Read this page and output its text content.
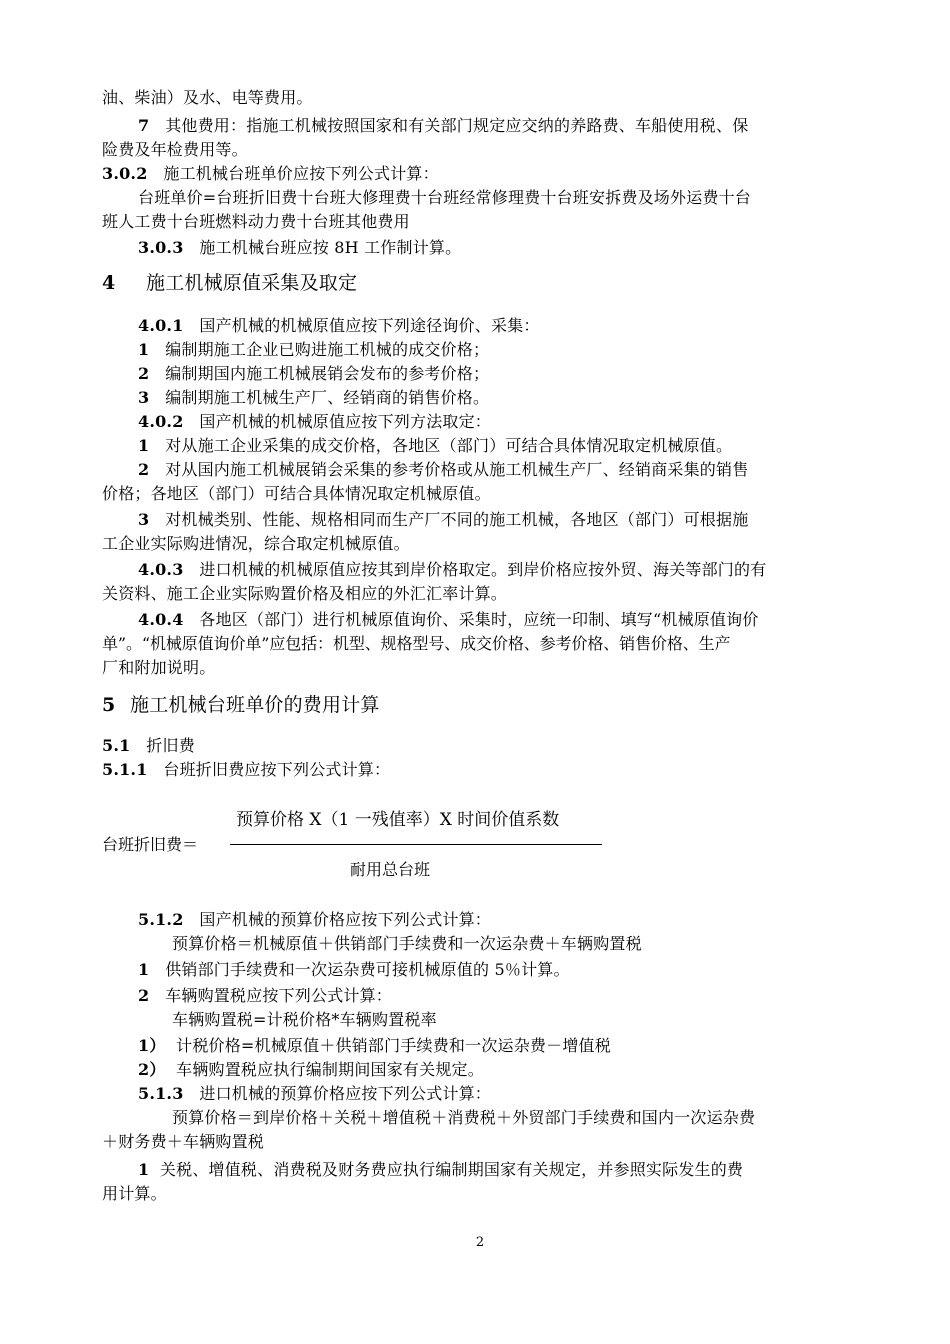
油、柴油）及水、电等费用。
7 其他费用：指施工机械按照国家和有关部门规定应交纳的养路费、车船使用税、保
险费及年检费用等。
3.0.2 施工机械台班单价应按下列公式计算：
台班单价=台班折旧费十台班大修理费十台班经常修理费十台班安拆费及场外运费十台
班人工费十台班燃料动力费十台班其他费用
3.0.3 施工机械台班应按 8H 工作制计算。
4 施工机械原值采集及取定
4.0.1 国产机械的机械原值应按下列途径询价、采集：
1 编制期施工企业已购进施工机械的成交价格；
2 编制期国内施工机械展销会发布的参考价格；
3 编制期施工机械生产厂、经销商的销售价格。
4.0.2 国产机械的机械原值应按下列方法取定：
1 对从施工企业采集的成交价格，各地区（部门）可结合具体情况取定机械原值。
2 对从国内施工机械展销会采集的参考价格或从施工机械生产厂、经销商采集的销售
价格；各地区（部门）可结合具体情况取定机械原值。
3 对机械类别、性能、规格相同而生产厂不同的施工机械，各地区（部门）可根据施
工企业实际购进情况，综合取定机械原值。
4.0.3 进口机械的机械原值应按其到岸价格取定。到岸价格应按外贸、海关等部门的有
关资料、施工企业实际购置价格及相应的外汇汇率计算。
4.0.4 各地区（部门）进行机械原值询价、采集时，应统一印制、填写“机械原值询价
单”。“机械原值询价单”应包括：机型、规格型号、成交价格、参考价格、销售价格、生产
厂和附加说明。
5 施工机械台班单价的费用计算
5.1 折旧费
5.1.1 台班折旧费应按下列公式计算：
台班折旧费＝
预算价格 X（1 一残值率）X 时间价值系数
耐用总台班
5.1.2 国产机械的预算价格应按下列公式计算：
预算价格＝机械原值＋供销部门手续费和一次运杂费＋车辆购置税
1 供销部门手续费和一次运杂费可接机械原值的 5％计算。
2 车辆购置税应按下列公式计算：
车辆购置税=计税价格*车辆购置税率
1） 计税价格=机械原值＋供销部门手续费和一次运杂费－增值税
2） 车辆购置税应执行编制期间国家有关规定。
5.1.3 进口机械的预算价格应按下列公式计算：
预算价格＝到岸价格＋关税＋增值税＋消费税＋外贸部门手续费和国内一次运杂费
＋财务费＋车辆购置税
1 关税、增值税、消费税及财务费应执行编制期国家有关规定，并参照实际发生的费
用计算。
2
